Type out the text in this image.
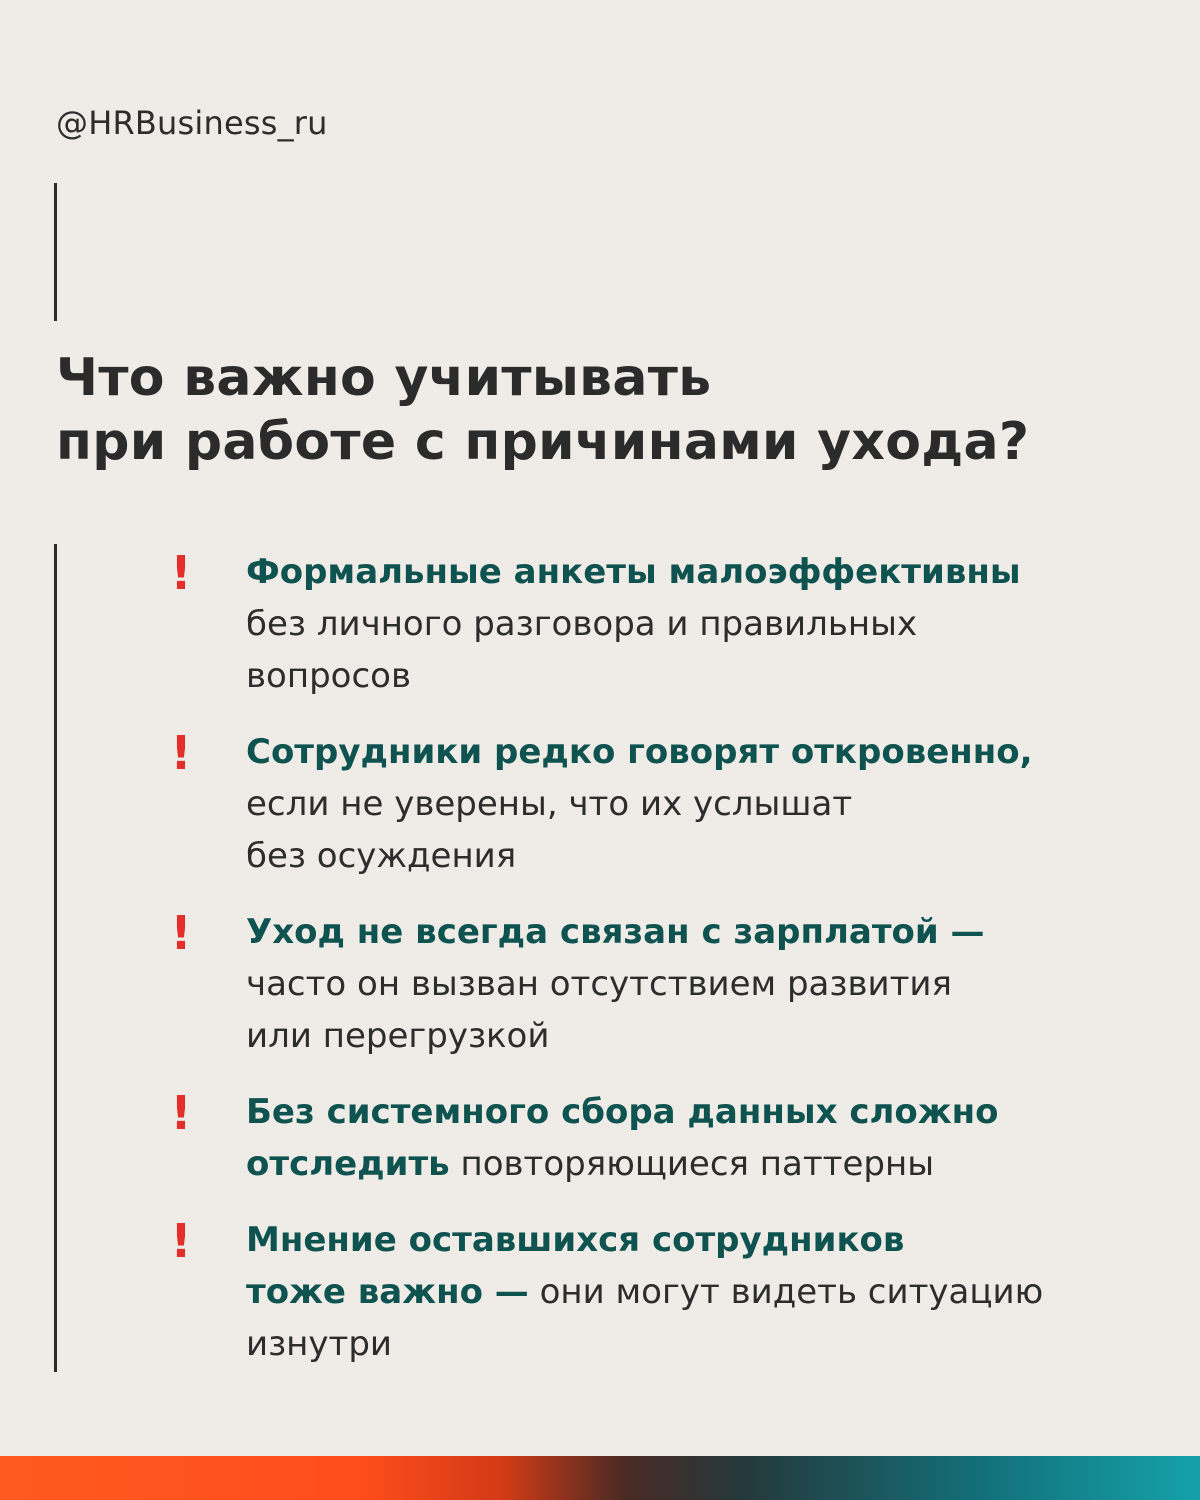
@HRBusiness_ru
Что важно учитывать
при работе с причинами ухода?
! Формальные анкеты малоэффективны
без личного разговора и правильных
вопросов
! Сотрудники редко говорят откровенно,
если не уверены, что их услышат
без осуждения
! Уход не всегда связан с зарплатой —
часто он вызван отсутствием развития
или перегрузкой
! Без системного сбора данных сложно
отследить повторяющиеся паттерны
! Мнение оставшихся сотрудников
тоже важно — они могут видеть ситуацию
изнутри
